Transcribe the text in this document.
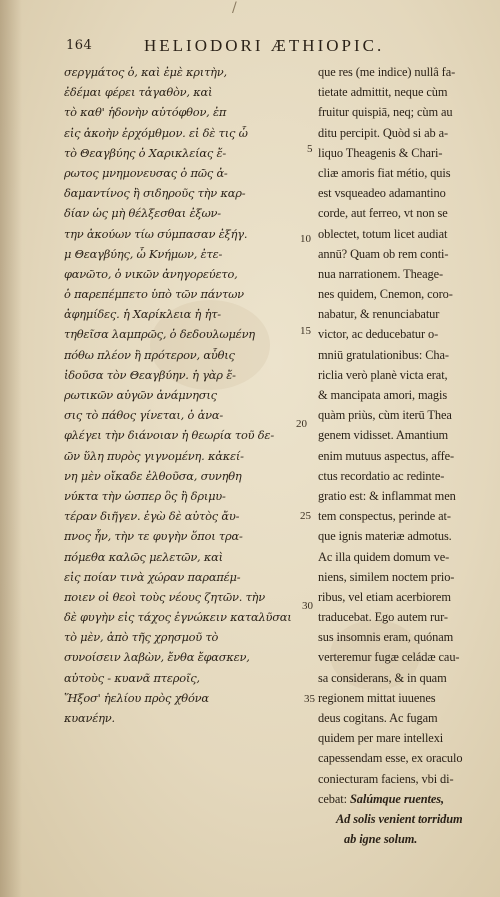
/
164	HELIODORI ÆTHIOPIC.
σεργμάτος ὁ, καὶ ἐμὲ κριτὴν,
ἐδέμαι φέρει τἀγαθὸν, καὶ
τὸ καθ' ἡδονὴν αὐτόφθον, ἐπ
εἰς ἀκοὴν ἐρχόμθμον. εἰ δὲ τις ὧ
τὸ Θεαγβύης ὁ Χαρικλείας ἔ-
ρωτος μνημονευσας ὁ πῶς ἀ-
δαμαντίνος ἢ σιδηροῦς τὴν καρ-
δίαν ὡς μὴ θέλξεσθαι ἐξων-
την ἀκούων τίω σύμπασαν ἐξήγ.
μ Θεαγβύης, ὦ Κνήμων, ἐτε-
φανῶτο, ὁ νικῶν ἀνηγορεύετο,
ὁ παρεπέμπετο ὑπὸ τῶν πάντων
ἀφημίδες. ἡ Χαρίκλεια ἡ ἡτ-
τηθεῖσα λαμπρῶς, ὁ δεδουλωμένη
πόθω πλέον ἢ πρότερον, αὖθις
ἰδοῦσα τὸν Θεαγβύην. ἡ γὰρ ἔ-
ρωτικῶν αὐγῶν ἀνάμνησις
σις τὸ πάθος γίνεται, ὁ ἀνα-
φλέγει τὴν διάνοιαν ἡ θεωρία τοῦ δε-
ῶν ὕλη πυρὸς γιγνομένη. κἀκεί-
νη μὲν οἴκαδε ἐλθοῦσα, συνηθη
νύκτα τὴν ὡσπερ ὃς ἢ δριμυ-
τέραν διῆγεν. ἐγὼ δὲ αὐτὸς ἄυ-
πνος ἦν, τὴν τε φυγὴν ὅποι τρα-
πόμεθα καλῶς μελετῶν, καὶ
εἰς ποίαν τινὰ χώραν παραπέμ-
ποιεν οἱ θεοὶ τοὺς νέους ζητῶν. τὴν
δὲ φυγὴν εἰς τάχος ἐγνώκειν καταλῦσαι
τὸ μὲν, ἀπὸ τῆς χρησμοῦ τὸ
συνοίσειν λαβὼν, ἔνθα ἔφασκεν,
αὐτοὺς - κυανᾶ πτεροῖς,
Ἥξοσ' ἠελίου πρὸς χθόνα
κυανέην.
que res (me indice) nullâ fa-
tietate admittit, neque cùm
fruitur quispiā, neq; cùm au
ditu percipit. Quòd si ab a-
liquo Theagenis & Chari-
cliæ amoris fiat métio, quis
est vsqueadeo adamantino
corde, aut ferreo, vt non se
oblectet, totum licet audiat
annū? Quam ob rem conti-
nua narrationem. Theage-
nes quidem, Cnemon, coro-
nabatur, & renunciabatur
victor, ac deducebatur o-
mniū gratulationibus: Cha-
riclia verò planè victa erat,
& mancipata amori, magis
quàm priùs, cùm iterū Thea
genem vidisset. Amantium
enim mutuus aspectus, affe-
ctus recordatio ac redinte-
gratio est: & inflammat men
tem conspectus, perinde at-
que ignis materiæ admotus.
Ac illa quidem domum ve-
niens, similem noctem prio-
ribus, vel etiam acerbiorem
traducebat. Ego autem rur-
sus insomnis eram, quónam
verteremur fugæ celádæ cau-
sa considerans, & in quam
regionem mittat iuuenes
deus cogitans. Ac fugam
quidem per mare intellexi
capessendam esse, ex oraculo
coniecturam faciens, vbi di-
cebat: Salúmque ruentes,
Ad solis venient torridum
ab igne solum.
5
10
15
20
25
30
35
